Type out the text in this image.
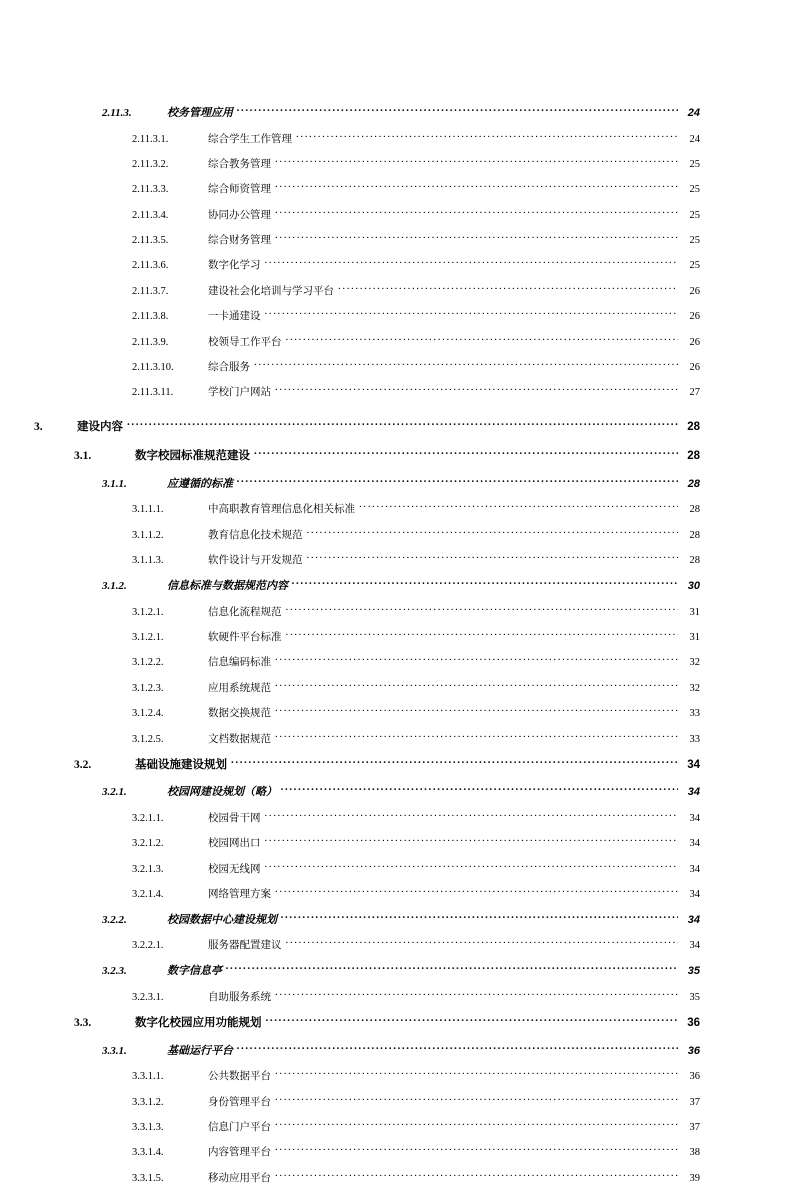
2.11.3.	校务管理应用 .....	24
2.11.3.1.	综合学生工作管理 .....	24
2.11.3.2.	综合教务管理 .....	25
2.11.3.3.	综合师资管理 .....	25
2.11.3.4.	协同办公管理 .....	25
2.11.3.5.	综合财务管理 .....	25
2.11.3.6.	数字化学习 .....	25
2.11.3.7.	建设社会化培训与学习平台 .....	26
2.11.3.8.	一卡通建设 .....	26
2.11.3.9.	校领导工作平台 .....	26
2.11.3.10.	综合服务 .....	26
2.11.3.11.	学校门户网站 .....	27
3.	建设内容 .....	28
3.1.	数字校园标准规范建设 .....	28
3.1.1.	应遵循的标准 .....	28
3.1.1.1.	中高职教育管理信息化相关标准 .....	28
3.1.1.2.	教育信息化技术规范 .....	28
3.1.1.3.	软件设计与开发规范 .....	28
3.1.2.	信息标准与数据规范内容 .....	30
3.1.2.1.	信息化流程规范 .....	31
3.1.2.1.	软硬件平台标准 .....	31
3.1.2.2.	信息编码标准 .....	32
3.1.2.3.	应用系统规范 .....	32
3.1.2.4.	数据交换规范 .....	33
3.1.2.5.	文档数据规范 .....	33
3.2.	基础设施建设规划 .....	34
3.2.1.	校园网建设规划（略） .....	34
3.2.1.1.	校园骨干网 .....	34
3.2.1.2.	校园网出口 .....	34
3.2.1.3.	校园无线网 .....	34
3.2.1.4.	网络管理方案 .....	34
3.2.2.	校园数据中心建设规划 .....	34
3.2.2.1.	服务器配置建议 .....	34
3.2.3.	数字信息亭 .....	35
3.2.3.1.	自助服务系统 .....	35
3.3.	数字化校园应用功能规划 .....	36
3.3.1.	基础运行平台 .....	36
3.3.1.1.	公共数据平台 .....	36
3.3.1.2.	身份管理平台 .....	37
3.3.1.3.	信息门户平台 .....	37
3.3.1.4.	内容管理平台 .....	38
3.3.1.5.	移动应用平台 .....	39
